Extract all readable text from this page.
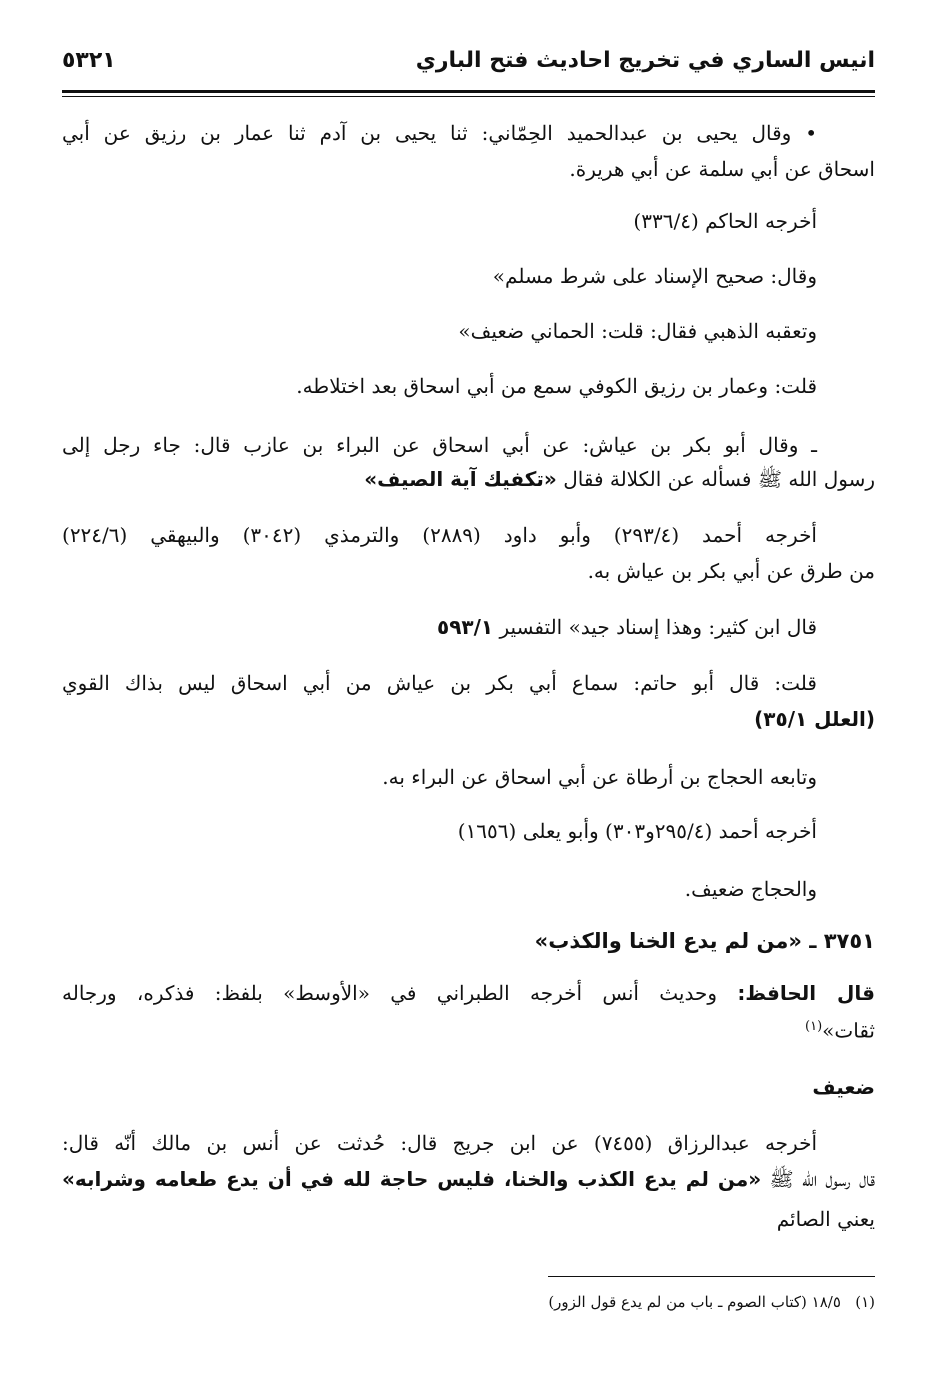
انيس الساري في تخريج احاديث فتح الباري
٥٣٢١
• وقال يحيى بن عبدالحميد الحِمّاني: ثنا يحيى بن آدم ثنا عمار بن رزيق عن أبي
اسحاق عن أبي سلمة عن أبي هريرة.
أخرجه الحاكم (٣٣٦/٤)
وقال: صحيح الإسناد على شرط مسلم»
وتعقبه الذهبي فقال: قلت: الحماني ضعيف»
قلت: وعمار بن رزيق الكوفي سمع من أبي اسحاق بعد اختلاطه.
ـ وقال أبو بكر بن عياش: عن أبي اسحاق عن البراء بن عازب قال: جاء رجل إلى
رسول الله ﷺ فسأله عن الكلالة فقال «تكفيك آية الصيف»
أخرجه أحمد (٢٩٣/٤) وأبو داود (٢٨٨٩) والترمذي (٣٠٤٢) والبيهقي (٢٢٤/٦)
من طرق عن أبي بكر بن عياش به.
قال ابن كثير: وهذا إسناد جيد» التفسير ٥٩٣/١
قلت: قال أبو حاتم: سماع أبي بكر بن عياش من أبي اسحاق ليس بذاك القوي
(العلل ٣٥/١)
وتابعه الحجاج بن أرطاة عن أبي اسحاق عن البراء به.
أخرجه أحمد (٢٩٥/٤و٣٠٣) وأبو يعلى (١٦٥٦)
والحجاج ضعيف.
٣٧٥١ ـ «من لم يدع الخنا والكذب»
قال الحافظ: وحديث أنس أخرجه الطبراني في «الأوسط» بلفظ: فذكره، ورجاله
ثقات»$^{(١)}$
ضعيف
أخرجه عبدالرزاق (٧٤٥٥) عن ابن جريج قال: حُدثت عن أنس بن مالك أنّه قال:
قال رسول الله ﷺ «من لم يدع الكذب والخنا، فليس حاجة لله في أن يدع طعامه وشرابه»
يعني الصائم
(١)   ١٨/٥ (كتاب الصوم ـ باب من لم يدع قول الزور)
